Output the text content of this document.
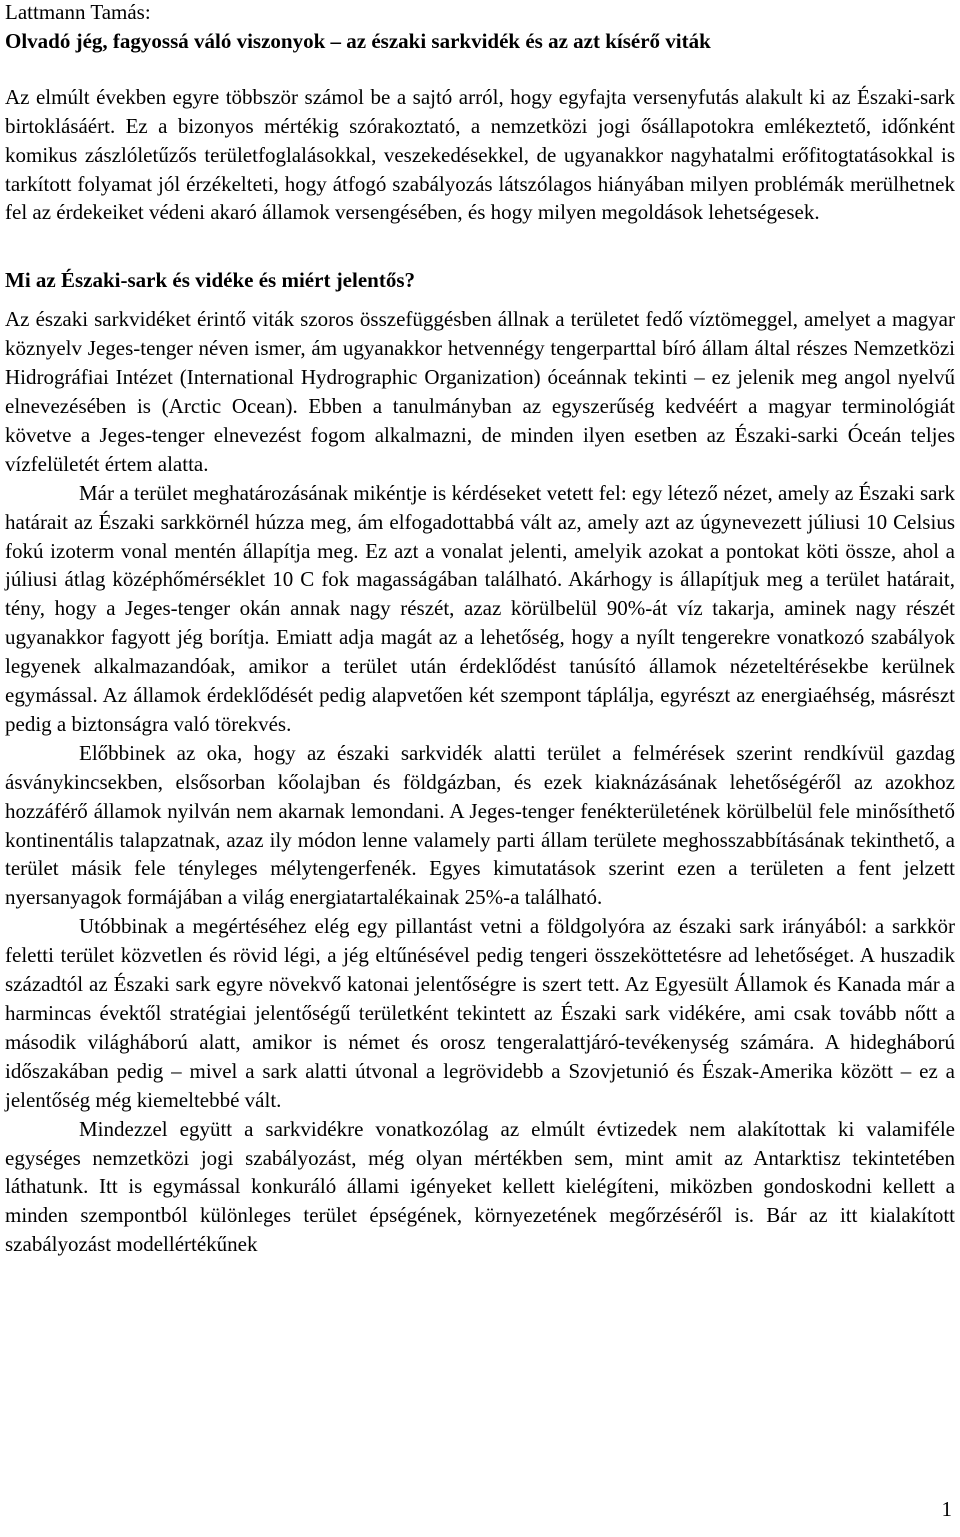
Lattmann Tamás:
Olvadó jég, fagyossá váló viszonyok – az északi sarkvidék és az azt kísérő viták

Az elmúlt években egyre többször számol be a sajtó arról, hogy egyfajta versenyfutás alakult ki az Északi-sark birtoklásáért. Ez a bizonyos mértékig szórakoztató, a nemzetközi jogi ősállapotokra emlékeztető, időnként komikus zászlóletűzős területfoglalásokkal, veszekedésekkel, de ugyanakkor nagyhatalmi erőfitogtatásokkal is tarkított folyamat jól érzékelteti, hogy átfogó szabályozás látszólagos hiányában milyen problémák merülhetnek fel az érdekeiket védeni akaró államok versengésében, és hogy milyen megoldások lehetségesek.

Mi az Északi-sark és vidéke és miért jelentős?

Az északi sarkvidéket érintő viták szoros összefüggésben állnak a területet fedő víztömeggel, amelyet a magyar köznyelv Jeges-tenger néven ismer, ám ugyanakkor hetvennégy tengerparttal bíró állam által részes Nemzetközi Hidrográfiai Intézet (International Hydrographic Organization) óceánnak tekinti – ez jelenik meg angol nyelvű elnevezésében is (Arctic Ocean). Ebben a tanulmányban az egyszerűség kedvéért a magyar terminológiát követve a Jeges-tenger elnevezést fogom alkalmazni, de minden ilyen esetben az Északi-sarki Óceán teljes vízfelületét értem alatta.

Már a terület meghatározásának mikéntje is kérdéseket vetett fel: egy létező nézet, amely az Északi sark határait az Északi sarkkörnél húzza meg, ám elfogadottabbá vált az, amely azt az úgynevezett júliusi 10 Celsius fokú izoterm vonal mentén állapítja meg. Ez azt a vonalat jelenti, amelyik azokat a pontokat köti össze, ahol a júliusi átlag középhőmérséklet 10 C fok magasságában található. Akárhogy is állapítjuk meg a terület határait, tény, hogy a Jeges-tenger okán annak nagy részét, azaz körülbelül 90%-át víz takarja, aminek nagy részét ugyanakkor fagyott jég borítja. Emiatt adja magát az a lehetőség, hogy a nyílt tengerekre vonatkozó szabályok legyenek alkalmazandóak, amikor a terület után érdeklődést tanúsító államok nézeteltérésekbe kerülnek egymással. Az államok érdeklődését pedig alapvetően két szempont táplálja, egyrészt az energiaéhség, másrészt pedig a biztonságra való törekvés.

Előbbinek az oka, hogy az északi sarkvidék alatti terület a felmérések szerint rendkívül gazdag ásványkincsekben, elsősorban kőolajban és földgázban, és ezek kiaknázásának lehetőségéről az azokhoz hozzáférő államok nyilván nem akarnak lemondani. A Jeges-tenger fenékterületének körülbelül fele minősíthető kontinentális talapzatnak, azaz ily módon lenne valamely parti állam területe meghosszabbításának tekinthető, a terület másik fele tényleges mélytengerfenék. Egyes kimutatások szerint ezen a területen a fent jelzett nyersanyagok formájában a világ energiatartalékainak 25%-a található.

Utóbbinak a megértéséhez elég egy pillantást vetni a földgolyóra az északi sark irányából: a sarkkör feletti terület közvetlen és rövid légi, a jég eltűnésével pedig tengeri összeköttetésre ad lehetőséget. A huszadik századtól az Északi sark egyre növekvő katonai jelentőségre is szert tett. Az Egyesült Államok és Kanada már a harmincas évektől stratégiai jelentőségű területként tekintett az Északi sark vidékére, ami csak tovább nőtt a második világháború alatt, amikor is német és orosz tengeralattjáró-tevékenység számára. A hidegháború időszakában pedig – mivel a sark alatti útvonal a legrövidebb a Szovjetunió és Észak-Amerika között – ez a jelentőség még kiemeltebbé vált.

Mindezzel együtt a sarkvidékre vonatkozólag az elmúlt évtizedek nem alakítottak ki valamiféle egységes nemzetközi jogi szabályozást, még olyan mértékben sem, mint amit az Antarktisz tekintetében láthatunk. Itt is egymással konkuráló állami igényeket kellett kielégíteni, miközben gondoskodni kellett a minden szempontból különleges terület épségének, környezetének megőrzéséről is. Bár az itt kialakított szabályozást modellértékűnek

1
